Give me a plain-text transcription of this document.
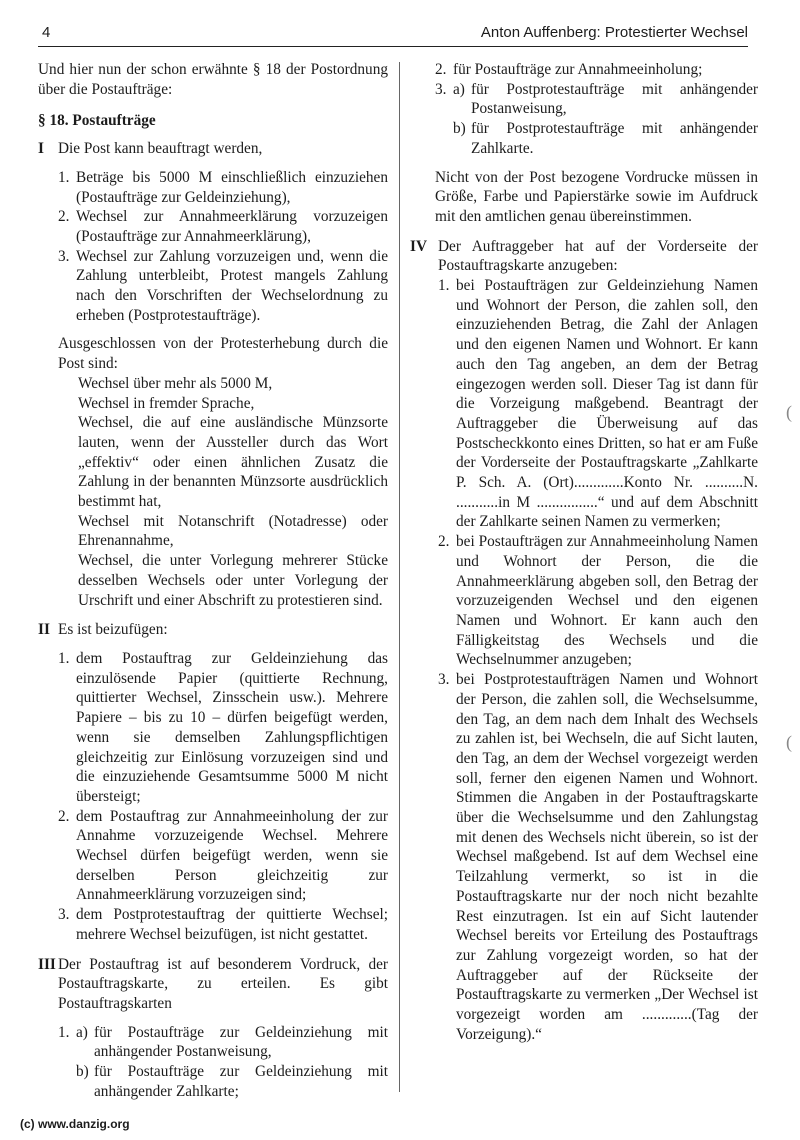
4	Anton Auffenberg: Protestierter Wechsel

Und hier nun der schon erwähnte § 18 der Postordnung über die Postaufträge:

§ 18. Postaufträge

I Die Post kann beauftragt werden,

1. Beträge bis 5000 M einschließlich einzuziehen (Postaufträge zur Geldeinziehung),
2. Wechsel zur Annahmeerklärung vorzuzeigen (Postaufträge zur Annahmeerklärung),
3. Wechsel zur Zahlung vorzuzeigen und, wenn die Zahlung unterbleibt, Protest mangels Zahlung nach den Vorschriften der Wechselordnung zu erheben (Postprotestaufträge).

Ausgeschlossen von der Protesterhebung durch die Post sind:

Wechsel über mehr als 5000 M,

Wechsel in fremder Sprache,

Wechsel, die auf eine ausländische Münzsorte lauten, wenn der Aussteller durch das Wort „effektiv“ oder einen ähnlichen Zusatz die Zahlung in der benannten Münzsorte ausdrücklich bestimmt hat,

Wechsel mit Notanschrift (Notadresse) oder Ehrenannahme,

Wechsel, die unter Vorlegung mehrerer Stücke desselben Wechsels oder unter Vorlegung der Urschrift und einer Abschrift zu protestieren sind.

II Es ist beizufügen:

1. dem Postauftrag zur Geldeinziehung das einzulösende Papier (quittierte Rechnung, quittierter Wechsel, Zinsschein usw.). Mehrere Papiere – bis zu 10 – dürfen beigefügt werden, wenn sie demselben Zahlungspflichtigen gleichzeitig zur Einlösung vorzuzeigen sind und die einzuziehende Gesamtsumme 5000 M nicht übersteigt;
2. dem Postauftrag zur Annahmeeinholung der zur Annahme vorzuzeigende Wechsel. Mehrere Wechsel dürfen beigefügt werden, wenn sie derselben Person gleichzeitig zur Annahmeerklärung vorzuzeigen sind;
3. dem Postprotestauftrag der quittierte Wechsel; mehrere Wechsel beizufügen, ist nicht gestattet.
III Der Postauftrag ist auf besonderem Vordruck, der Postauftragskarte, zu erteilen. Es gibt Postauftragskarten

1. a) für Postaufträge zur Geldeinziehung mit anhängender Postanweisung,
b) für Postaufträge zur Geldeinziehung mit anhängender Zahlkarte;
2. für Postaufträge zur Annahmeeinholung;
3. a) für Postprotestaufträge mit anhängender Postanweisung,
b) für Postprotestaufträge mit anhängender Zahlkarte.

Nicht von der Post bezogene Vordrucke müssen in Größe, Farbe und Papierstärke sowie im Aufdruck mit den amtlichen genau übereinstimmen.

IV Der Auftraggeber hat auf der Vorderseite der Postauftragskarte anzugeben:

1. bei Postaufträgen zur Geldeinziehung Namen und Wohnort der Person, die zahlen soll, den einzuziehenden Betrag, die Zahl der Anlagen und den eigenen Namen und Wohnort. Er kann auch den Tag angeben, an dem der Betrag eingezogen werden soll. Dieser Tag ist dann für die Vorzeigung maßgebend. Beantragt der Auftraggeber die Überweisung auf das Postscheckkonto eines Dritten, so hat er am Fuße der Vorderseite der Postauftragskarte „Zahlkarte P. Sch. A. (Ort).............Konto Nr. ..........N. ...........in M ................“ und auf dem Abschnitt der Zahlkarte seinen Namen zu vermerken;
2. bei Postaufträgen zur Annahmeeinholung Namen und Wohnort der Person, die die Annahmeerklärung abgeben soll, den Betrag der vorzuzeigenden Wechsel und den eigenen Namen und Wohnort. Er kann auch den Fälligkeitstag des Wechsels und die Wechselnummer anzugeben;
3. bei Postprotestaufträgen Namen und Wohnort der Person, die zahlen soll, die Wechselsumme, den Tag, an dem nach dem Inhalt des Wechsels zu zahlen ist, bei Wechseln, die auf Sicht lauten, den Tag, an dem der Wechsel vorgezeigt werden soll, ferner den eigenen Namen und Wohnort. Stimmen die Angaben in der Postauftragskarte über die Wechselsumme und den Zahlungstag mit denen des Wechsels nicht überein, so ist der Wechsel maßgebend. Ist auf dem Wechsel eine Teilzahlung vermerkt, so ist in die Postauftragskarte nur der noch nicht bezahlte Rest einzutragen. Ist ein auf Sicht lautender Wechsel bereits vor Erteilung des Postauftrags zur Zahlung vorgezeigt worden, so hat der Auftraggeber auf der Rückseite der Postauftragskarte zu vermerken „Der Wechsel ist vorgezeigt worden am .............(Tag der Vorzeigung).“
(
(
(c) www.danzig.org
